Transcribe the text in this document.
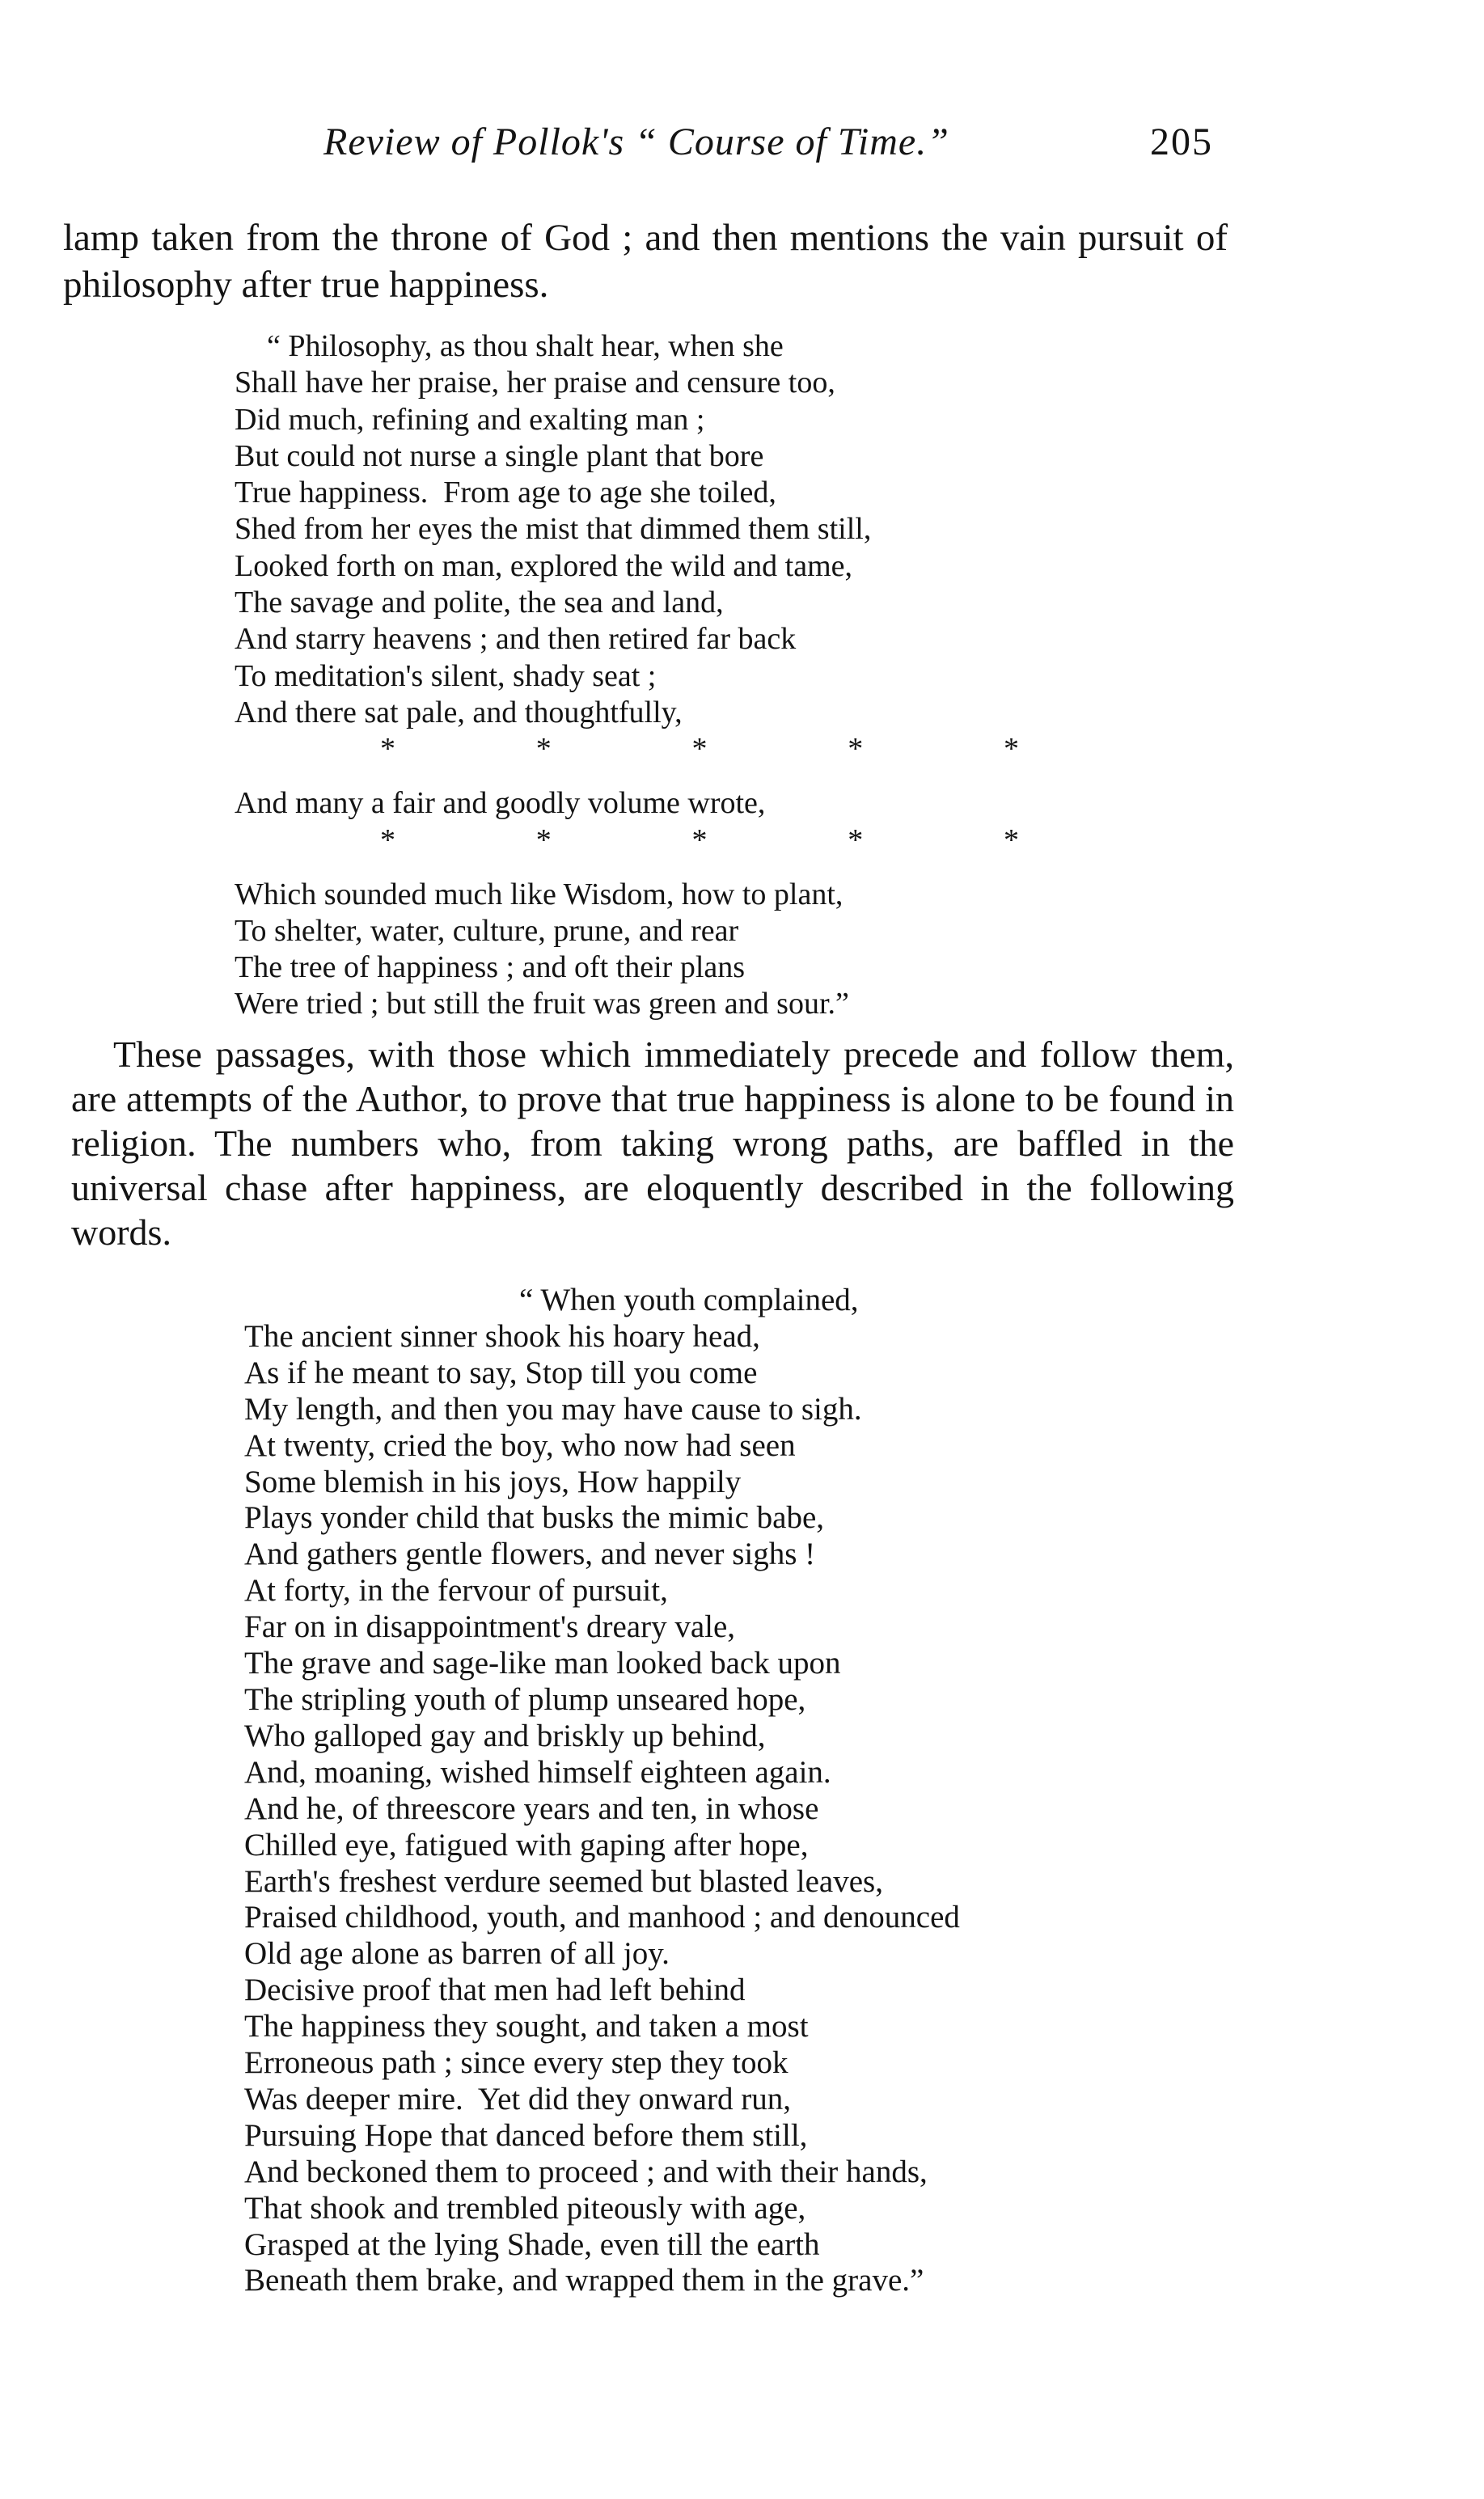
Review of Pollok's “ Course of Time.”	205

lamp taken from the throne of God ; and then mentions the vain pursuit of philosophy after true happiness.

“ Philosophy, as thou shalt hear, when she
Shall have her praise, her praise and censure too,
Did much, refining and exalting man ;
But could not nurse a single plant that bore
True happiness.  From age to age she toiled,
Shed from her eyes the mist that dimmed them still,
Looked forth on man, explored the wild and tame,
The savage and polite, the sea and land,
And starry heavens ; and then retired far back
To meditation's silent, shady seat ;
And there sat pale, and thoughtfully,
*	*	*	*	*
And many a fair and goodly volume wrote,
*	*	*	*	*
Which sounded much like Wisdom, how to plant,
To shelter, water, culture, prune, and rear
The tree of happiness ; and oft their plans
Were tried ; but still the fruit was green and sour.”

These passages, with those which immediately precede and follow them, are attempts of the Author, to prove that true happiness is alone to be found in religion. The numbers who, from taking wrong paths, are baffled in the universal chase after happiness, are eloquently described in the following words.

“ When youth complained,
The ancient sinner shook his hoary head,
As if he meant to say, Stop till you come
My length, and then you may have cause to sigh.
At twenty, cried the boy, who now had seen
Some blemish in his joys, How happily
Plays yonder child that busks the mimic babe,
And gathers gentle flowers, and never sighs !
At forty, in the fervour of pursuit,
Far on in disappointment's dreary vale,
The grave and sage-like man looked back upon
The stripling youth of plump unseared hope,
Who galloped gay and briskly up behind,
And, moaning, wished himself eighteen again.
And he, of threescore years and ten, in whose
Chilled eye, fatigued with gaping after hope,
Earth's freshest verdure seemed but blasted leaves,
Praised childhood, youth, and manhood ; and denounced
Old age alone as barren of all joy.
Decisive proof that men had left behind
The happiness they sought, and taken a most
Erroneous path ; since every step they took
Was deeper mire.  Yet did they onward run,
Pursuing Hope that danced before them still,
And beckoned them to proceed ; and with their hands,
That shook and trembled piteously with age,
Grasped at the lying Shade, even till the earth
Beneath them brake, and wrapped them in the grave.”
